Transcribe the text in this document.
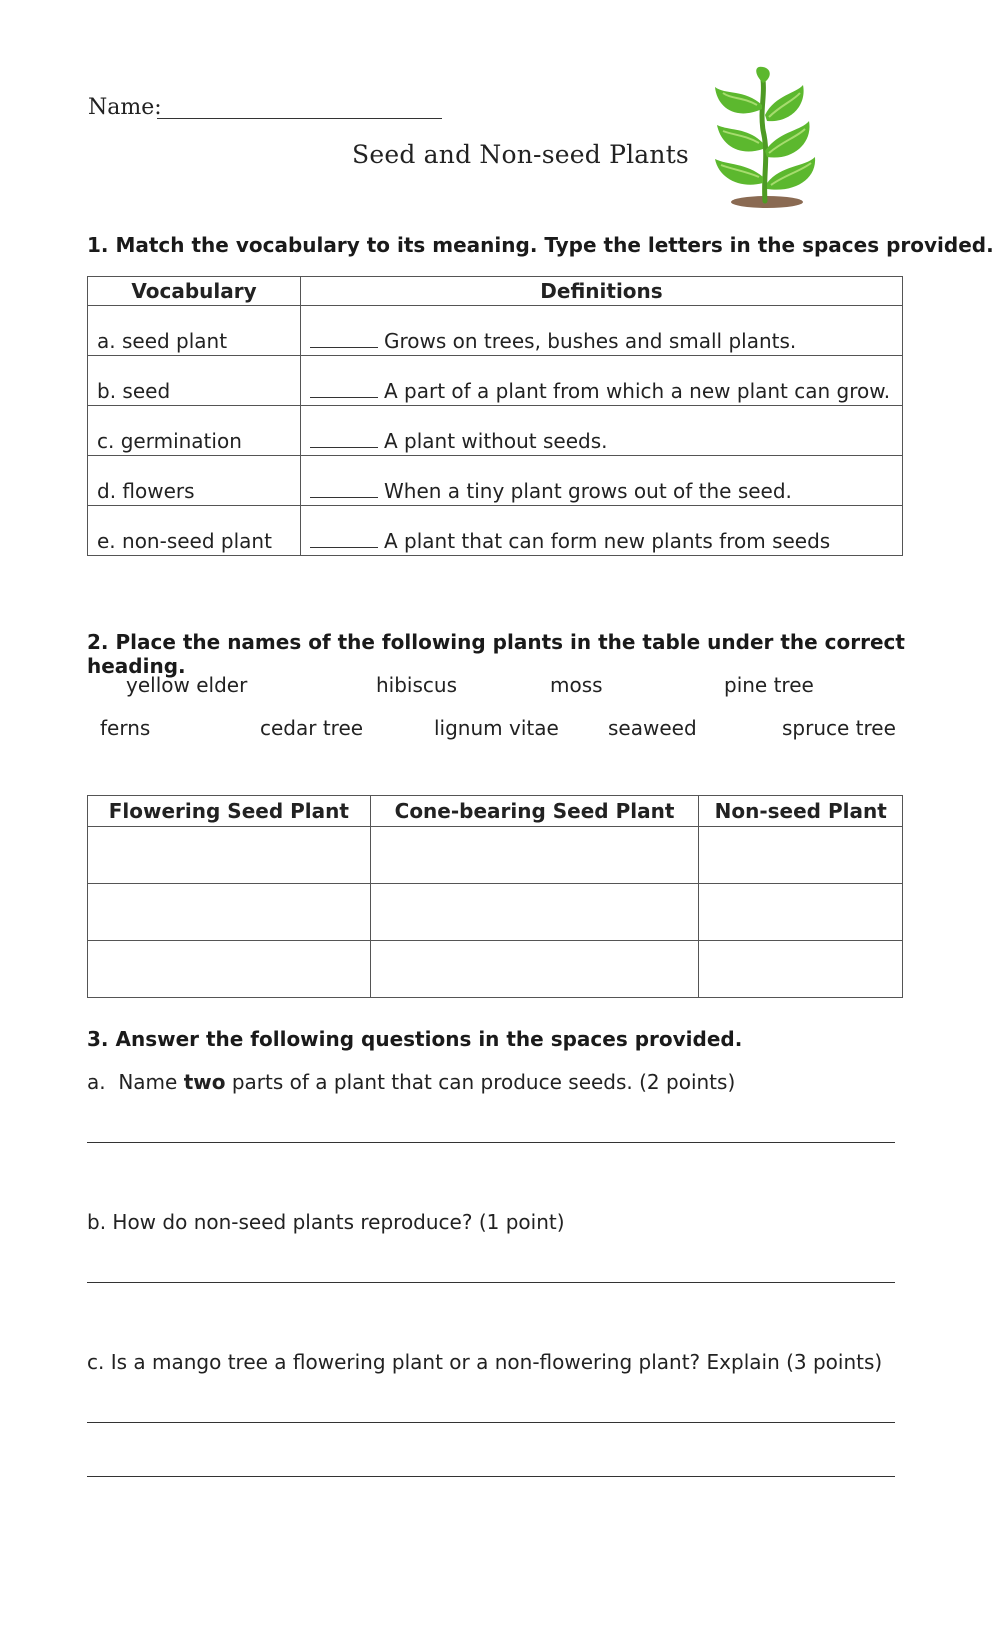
Name:
Seed and Non-seed Plants
1. Match the vocabulary to its meaning. Type the letters in the spaces provided.
Vocabulary	Definitions
a. seed plant	Grows on trees, bushes and small plants.
b. seed	A part of a plant from which a new plant can grow.
c. germination	A plant without seeds.
d. flowers	When a tiny plant grows out of the seed.
e. non-seed plant	A plant that can form new plants from seeds
2. Place the names of the following plants in the table under the correct heading.
yellow elder	hibiscus	moss	pine tree
ferns	cedar tree	lignum vitae seaweed	spruce tree
Flowering Seed Plant	Cone-bearing Seed Plant	Non-seed Plant

3. Answer the following questions in the spaces provided.
a.  Name two parts of a plant that can produce seeds. (2 points)
b. How do non-seed plants reproduce? (1 point)
c. Is a mango tree a flowering plant or a non-flowering plant? Explain (3 points)
